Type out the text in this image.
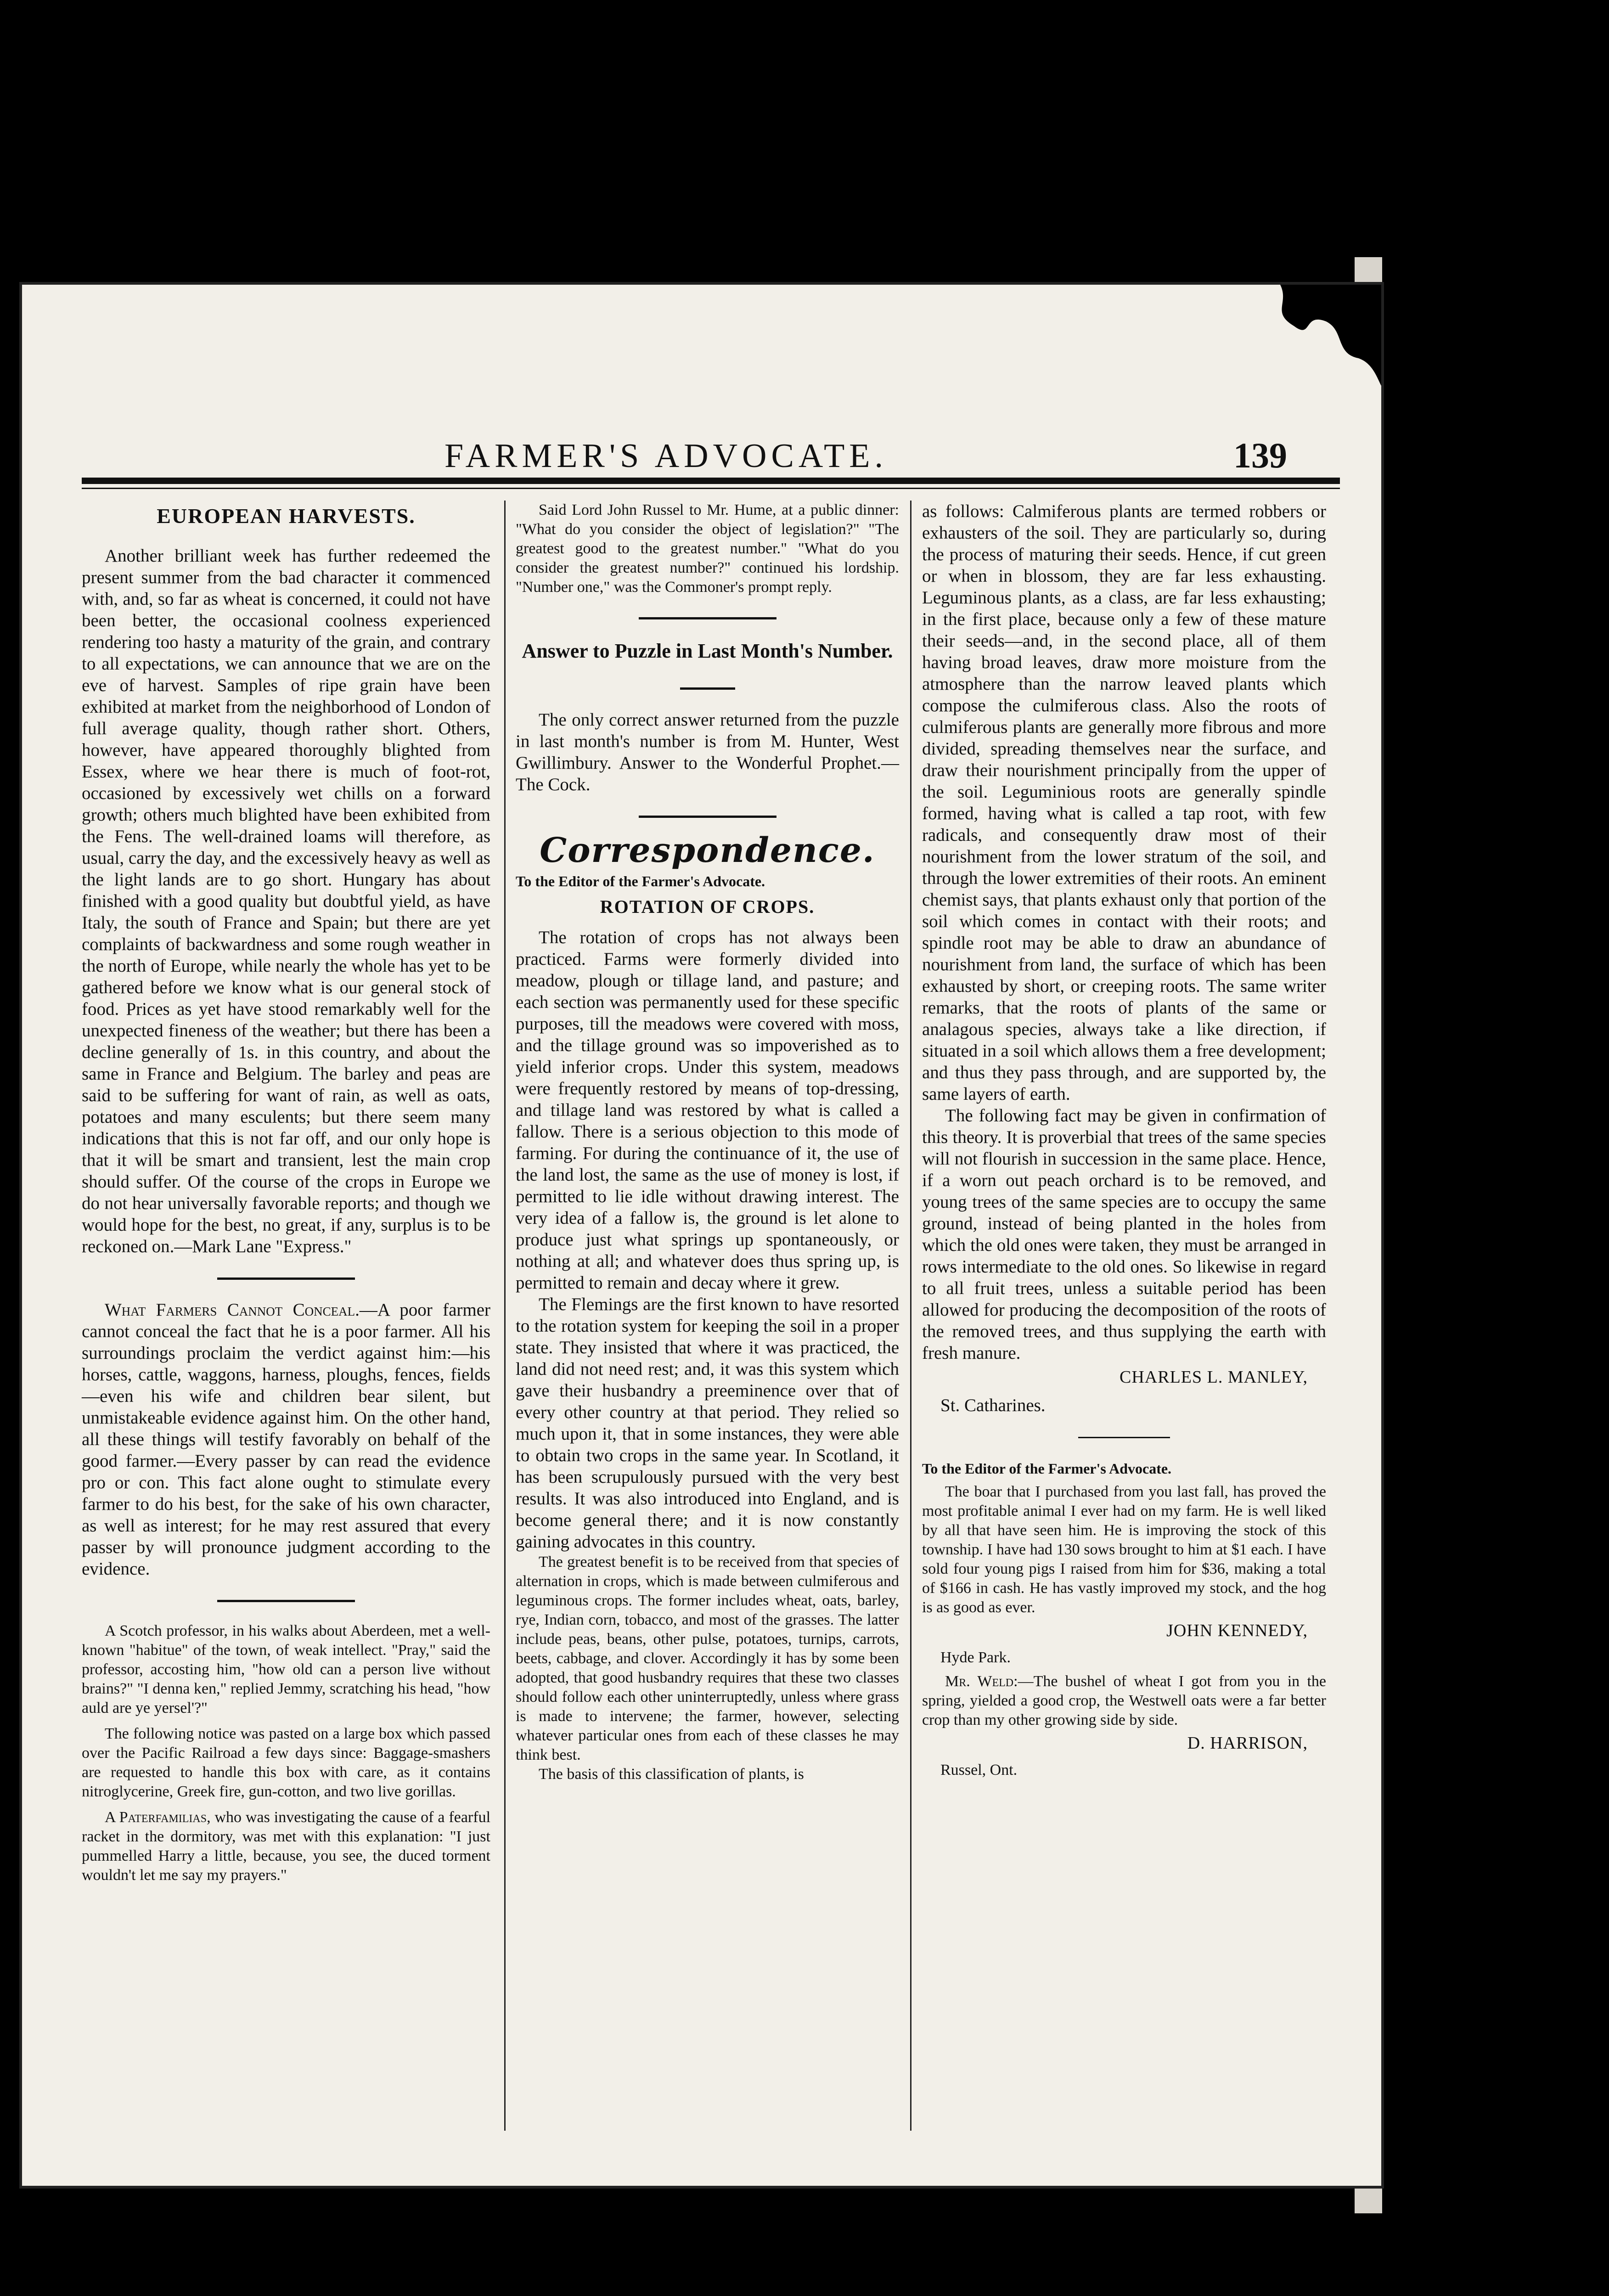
FARMER'S ADVOCATE.	139
EUROPEAN HARVESTS.

Another brilliant week has further redeemed the present summer from the bad character it commenced with, and, so far as wheat is concerned, it could not have been better, the occasional coolness experienced rendering too hasty a maturity of the grain, and contrary to all expectations, we can announce that we are on the eve of harvest. Samples of ripe grain have been exhibited at market from the neighborhood of London of full average quality, though rather short. Others, however, have appeared thoroughly blighted from Essex, where we hear there is much of foot-rot, occasioned by excessively wet chills on a forward growth; others much blighted have been exhibited from the Fens. The well-drained loams will therefore, as usual, carry the day, and the excessively heavy as well as the light lands are to go short. Hungary has about finished with a good quality but doubtful yield, as have Italy, the south of France and Spain; but there are yet complaints of backwardness and some rough weather in the north of Europe, while nearly the whole has yet to be gathered before we know what is our general stock of food. Prices as yet have stood remarkably well for the unexpected fineness of the weather; but there has been a decline generally of 1s. in this country, and about the same in France and Belgium. The barley and peas are said to be suffering for want of rain, as well as oats, potatoes and many esculents; but there seem many indications that this is not far off, and our only hope is that it will be smart and transient, lest the main crop should suffer. Of the course of the crops in Europe we do not hear universally favorable reports; and though we would hope for the best, no great, if any, surplus is to be reckoned on.—Mark Lane "Express."

What Farmers Cannot Conceal.—A poor farmer cannot conceal the fact that he is a poor farmer. All his surroundings proclaim the verdict against him:—his horses, cattle, waggons, harness, ploughs, fences, fields—even his wife and children bear silent, but unmistakeable evidence against him. On the other hand, all these things will testify favorably on behalf of the good farmer.—Every passer by can read the evidence pro or con. This fact alone ought to stimulate every farmer to do his best, for the sake of his own character, as well as interest; for he may rest assured that every passer by will pronounce judgment according to the evidence.

A Scotch professor, in his walks about Aberdeen, met a well-known "habitue" of the town, of weak intellect. "Pray," said the professor, accosting him, "how old can a person live without brains?" "I denna ken," replied Jemmy, scratching his head, "how auld are ye yersel'?"

The following notice was pasted on a large box which passed over the Pacific Railroad a few days since: Baggage-smashers are requested to handle this box with care, as it contains nitroglycerine, Greek fire, gun-cotton, and two live gorillas.

A Paterfamilias, who was investigating the cause of a fearful racket in the dormitory, was met with this explanation: "I just pummelled Harry a little, because, you see, the duced torment wouldn't let me say my prayers."

Said Lord John Russel to Mr. Hume, at a public dinner: "What do you consider the object of legislation?" "The greatest good to the greatest number." "What do you consider the greatest number?" continued his lordship. "Number one," was the Commoner's prompt reply.

Answer to Puzzle in Last Month's Number.

The only correct answer returned from the puzzle in last month's number is from M. Hunter, West Gwillimbury. Answer to the Wonderful Prophet.—The Cock.

Correspondence.
To the Editor of the Farmer's Advocate.
ROTATION OF CROPS.

The rotation of crops has not always been practiced. Farms were formerly divided into meadow, plough or tillage land, and pasture; and each section was permanently used for these specific purposes, till the meadows were covered with moss, and the tillage ground was so impoverished as to yield inferior crops. Under this system, meadows were frequently restored by means of top-dressing, and tillage land was restored by what is called a fallow. There is a serious objection to this mode of farming. For during the continuance of it, the use of the land lost, the same as the use of money is lost, if permitted to lie idle without drawing interest. The very idea of a fallow is, the ground is let alone to produce just what springs up spontaneously, or nothing at all; and whatever does thus spring up, is permitted to remain and decay where it grew.

The Flemings are the first known to have resorted to the rotation system for keeping the soil in a proper state. They insisted that where it was practiced, the land did not need rest; and, it was this system which gave their husbandry a preeminence over that of every other country at that period. They relied so much upon it, that in some instances, they were able to obtain two crops in the same year. In Scotland, it has been scrupulously pursued with the very best results. It was also introduced into England, and is become general there; and it is now constantly gaining advocates in this country.

The greatest benefit is to be received from that species of alternation in crops, which is made between culmiferous and leguminous crops. The former includes wheat, oats, barley, rye, Indian corn, tobacco, and most of the grasses. The latter include peas, beans, other pulse, potatoes, turnips, carrots, beets, cabbage, and clover. Accordingly it has by some been adopted, that good husbandry requires that these two classes should follow each other uninterruptedly, unless where grass is made to intervene; the farmer, however, selecting whatever particular ones from each of these classes he may think best.

The basis of this classification of plants, is

as follows: Calmiferous plants are termed robbers or exhausters of the soil. They are particularly so, during the process of maturing their seeds. Hence, if cut green or when in blossom, they are far less exhausting. Leguminous plants, as a class, are far less exhausting; in the first place, because only a few of these mature their seeds—and, in the second place, all of them having broad leaves, draw more moisture from the atmosphere than the narrow leaved plants which compose the culmiferous class. Also the roots of culmiferous plants are generally more fibrous and more divided, spreading themselves near the surface, and draw their nourishment principally from the upper of the soil. Leguminious roots are generally spindle formed, having what is called a tap root, with few radicals, and consequently draw most of their nourishment from the lower stratum of the soil, and through the lower extremities of their roots. An eminent chemist says, that plants exhaust only that portion of the soil which comes in contact with their roots; and spindle root may be able to draw an abundance of nourishment from land, the surface of which has been exhausted by short, or creeping roots. The same writer remarks, that the roots of plants of the same or analagous species, always take a like direction, if situated in a soil which allows them a free development; and thus they pass through, and are supported by, the same layers of earth.

The following fact may be given in confirmation of this theory. It is proverbial that trees of the same species will not flourish in succession in the same place. Hence, if a worn out peach orchard is to be removed, and young trees of the same species are to occupy the same ground, instead of being planted in the holes from which the old ones were taken, they must be arranged in rows intermediate to the old ones. So likewise in regard to all fruit trees, unless a suitable period has been allowed for producing the decomposition of the roots of the removed trees, and thus supplying the earth with fresh manure.

CHARLES L. MANLEY,

St. Catharines.

To the Editor of the Farmer's Advocate.

The boar that I purchased from you last fall, has proved the most profitable animal I ever had on my farm. He is well liked by all that have seen him. He is improving the stock of this township. I have had 130 sows brought to him at $1 each. I have sold four young pigs I raised from him for $36, making a total of $166 in cash. He has vastly improved my stock, and the hog is as good as ever.

JOHN KENNEDY,

Hyde Park.

Mr. Weld:—The bushel of wheat I got from you in the spring, yielded a good crop, the Westwell oats were a far better crop than my other growing side by side.

D. HARRISON,

Russel, Ont.
